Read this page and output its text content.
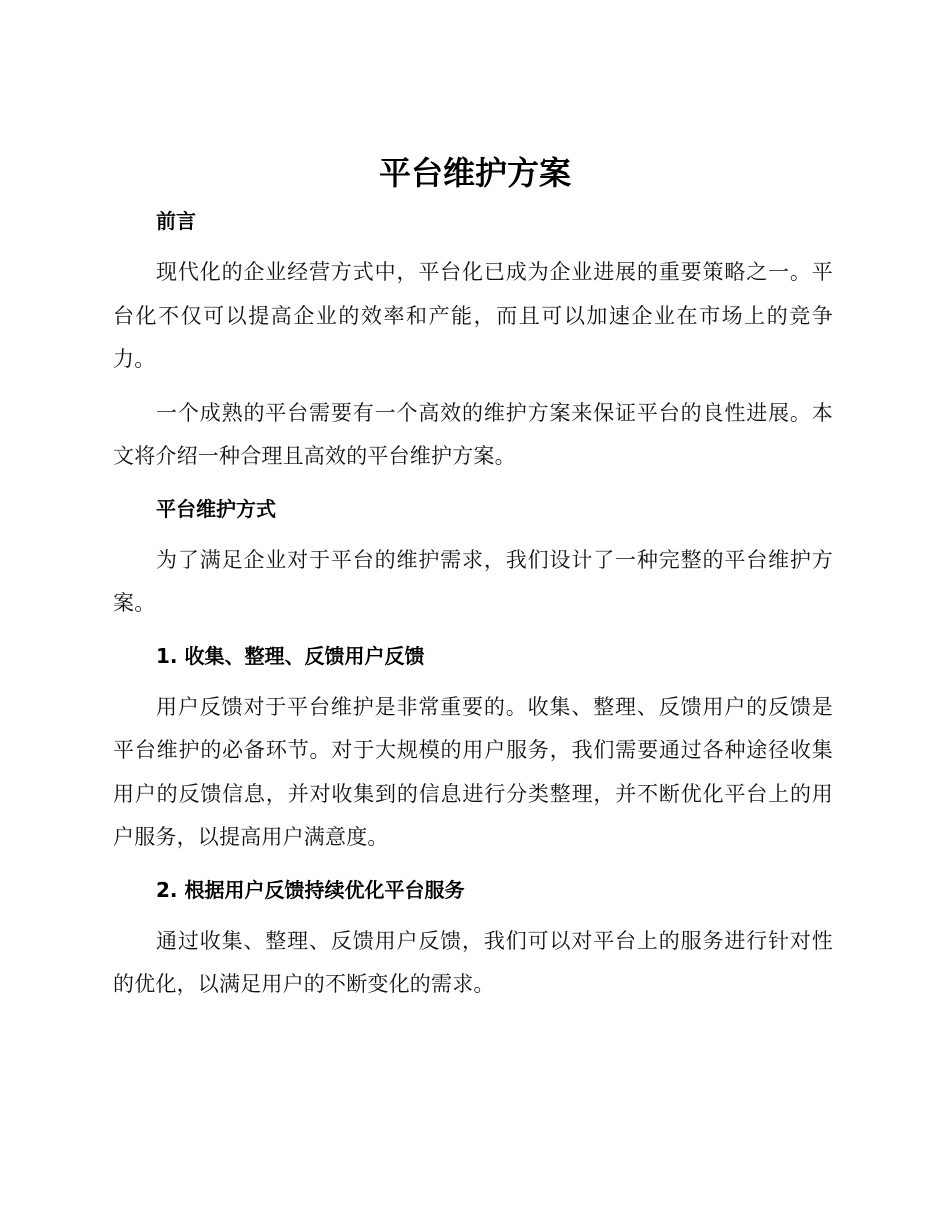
平台维护方案
前言

现代化的企业经营方式中，平台化已成为企业进展的重要策略之一。平台化不仅可以提高企业的效率和产能，而且可以加速企业在市场上的竞争力。

一个成熟的平台需要有一个高效的维护方案来保证平台的良性进展。本文将介绍一种合理且高效的平台维护方案。

平台维护方式

为了满足企业对于平台的维护需求，我们设计了一种完整的平台维护方案。

1. 收集、整理、反馈用户反馈

用户反馈对于平台维护是非常重要的。收集、整理、反馈用户的反馈是平台维护的必备环节。对于大规模的用户服务，我们需要通过各种途径收集用户的反馈信息，并对收集到的信息进行分类整理，并不断优化平台上的用户服务，以提高用户满意度。

2. 根据用户反馈持续优化平台服务

通过收集、整理、反馈用户反馈，我们可以对平台上的服务进行针对性的优化，以满足用户的不断变化的需求。
